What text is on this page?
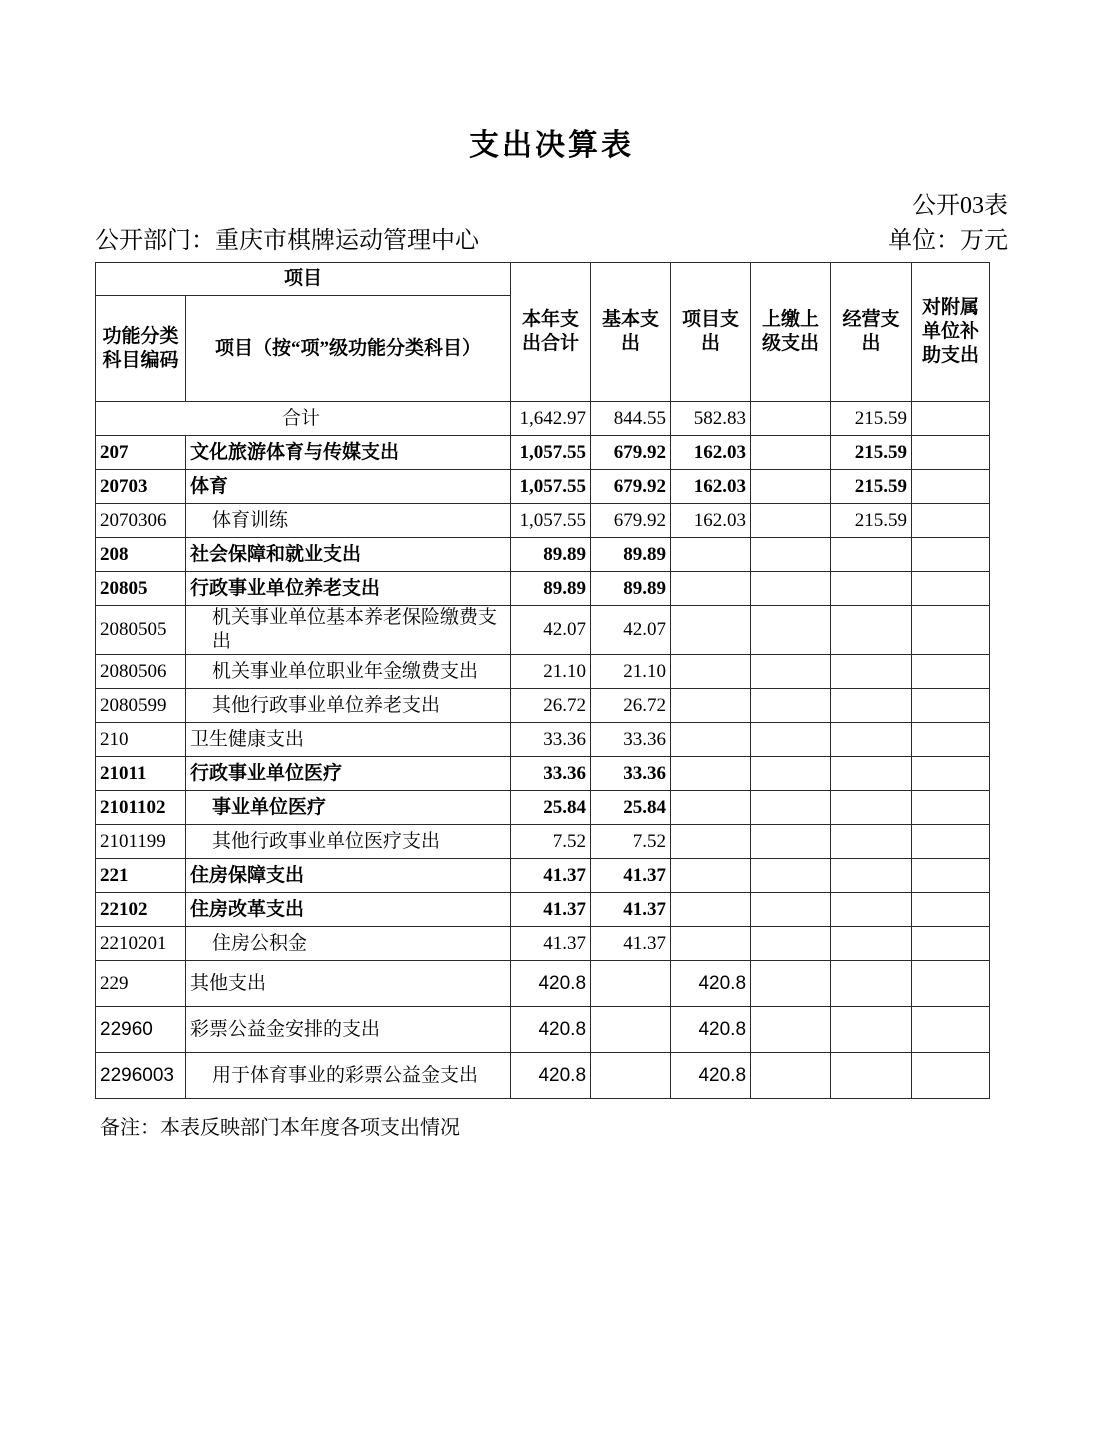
支出决算表
公开03表
公开部门：重庆市棋牌运动管理中心	单位：万元
项目		本年支出合计	基本支出	项目支出	上缴上级支出	经营支出	对附属单位补助支出
功能分类科目编码	项目（按“项”级功能分类科目）						
合计		1,642.97	844.55	582.83		215.59	
207	文化旅游体育与传媒支出	1,057.55	679.92	162.03		215.59	
20703	体育	1,057.55	679.92	162.03		215.59	
2070306	体育训练	1,057.55	679.92	162.03		215.59	
208	社会保障和就业支出	89.89	89.89				
20805	行政事业单位养老支出	89.89	89.89				
2080505	机关事业单位基本养老保险缴费支出	42.07	42.07				
2080506	机关事业单位职业年金缴费支出	21.10	21.10				
2080599	其他行政事业单位养老支出	26.72	26.72				
210	卫生健康支出	33.36	33.36				
21011	行政事业单位医疗	33.36	33.36				
2101102	事业单位医疗	25.84	25.84				
2101199	其他行政事业单位医疗支出	7.52	7.52				
221	住房保障支出	41.37	41.37				
22102	住房改革支出	41.37	41.37				
2210201	住房公积金	41.37	41.37				
229	其他支出	420.8		420.8			
22960	彩票公益金安排的支出	420.8		420.8			
2296003	用于体育事业的彩票公益金支出	420.8		420.8			
备注：本表反映部门本年度各项支出情况
